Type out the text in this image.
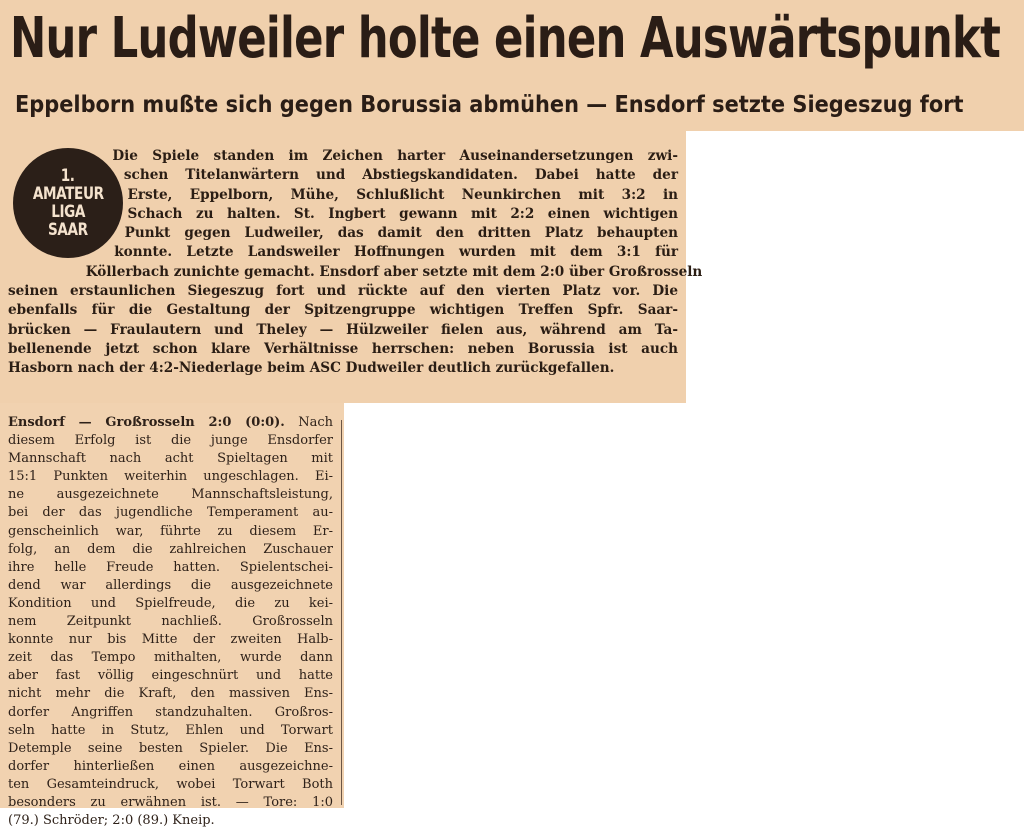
Nur Ludweiler holte einen Auswärtspunkt
Eppelborn mußte sich gegen Borussia abmühen — Ensdorf setzte Siegeszug fort
1.
AMATEUR
LIGA
SAAR
Die Spiele standen im Zeichen harter Auseinandersetzungen zwi-
schen Titelanwärtern und Abstiegskandidaten. Dabei hatte der
Erste, Eppelborn, Mühe, Schlußlicht Neunkirchen mit 3:2 in
Schach zu halten. St. Ingbert gewann mit 2:2 einen wichtigen
Punkt gegen Ludweiler, das damit den dritten Platz behaupten
konnte. Letzte Landsweiler Hoffnungen wurden mit dem 3:1 für
Köllerbach zunichte gemacht. Ensdorf aber setzte mit dem 2:0 über Großrosseln
seinen erstaunlichen Siegeszug fort und rückte auf den vierten Platz vor. Die
ebenfalls für die Gestaltung der Spitzengruppe wichtigen Treffen Spfr. Saar-
brücken — Fraulautern und Theley — Hülzweiler fielen aus, während am Ta-
bellenende jetzt schon klare Verhältnisse herrschen: neben Borussia ist auch
Hasborn nach der 4:2-Niederlage beim ASC Dudweiler deutlich zurückgefallen.
Ensdorf — Großrosseln 2:0 (0:0). Nach
diesem Erfolg ist die junge Ensdorfer
Mannschaft nach acht Spieltagen mit
15:1 Punkten weiterhin ungeschlagen. Ei-
ne ausgezeichnete Mannschaftsleistung,
bei der das jugendliche Temperament au-
genscheinlich war, führte zu diesem Er-
folg, an dem die zahlreichen Zuschauer
ihre helle Freude hatten. Spielentschei-
dend war allerdings die ausgezeichnete
Kondition und Spielfreude, die zu kei-
nem Zeitpunkt nachließ. Großrosseln
konnte nur bis Mitte der zweiten Halb-
zeit das Tempo mithalten, wurde dann
aber fast völlig eingeschnürt und hatte
nicht mehr die Kraft, den massiven Ens-
dorfer Angriffen standzuhalten. Großros-
seln hatte in Stutz, Ehlen und Torwart
Detemple seine besten Spieler. Die Ens-
dorfer hinterließen einen ausgezeichne-
ten Gesamteindruck, wobei Torwart Both
besonders zu erwähnen ist. — Tore: 1:0
(79.) Schröder; 2:0 (89.) Kneip.
